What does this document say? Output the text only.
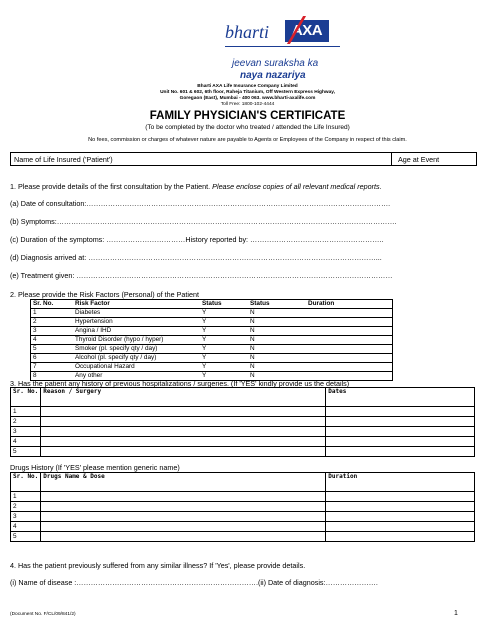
bharti	AXA
jeevan suraksha ka
naya nazariya
Bharti AXA Life Insurance Company Limited
Unit No. 601 & 602, 6th floor, Raheja Titanium, Off Western Express Highway,
Goregaon (East), Mumbai - 400 063. www.bharti-axalife.com
Toll Free: 1800-102-4444
FAMILY PHYSICIAN'S CERTIFICATE
(To be completed by the doctor who treated / attended the Life Insured)
No fees, commission or charges of whatever nature are payable to Agents or Employees of the Company in respect of this claim.
Name of Life Insured ('Patient')	Age at Event
1. Please provide details of the first consultation by the Patient. Please enclose copies of all relevant medical reports.
(a) Date of consultation:……………………………………………………………………………………………………………….
(b) Symptoms:…………………………………………………………………………………………………………………………….
(c) Duration of the symptoms: ……………………………History reported by: ………………………………………………..
(d) Diagnosis arrived at: …………………………………………………………………………………………………………...
(e) Treatment given: ……………………………………………………………………………………………………………………
2. Please provide the Risk Factors (Personal) of the Patient
Sr. No.	Risk Factor	Status	Status	Duration
1	Diabetes	Y	N	
2	Hypertension	Y	N	
3	Angina / IHD	Y	N	
4	Thyroid Disorder (hypo / hyper)	Y	N	
5	Smoker (pl. specify qty / day)	Y	N	
6	Alcohol (pl. specify qty / day)	Y	N	
7	Occupational Hazard	Y	N	
8	Any other	Y	N	
3. Has the patient any history of previous hospitalizations / surgeries. (If 'YES' kindly provide us the details)
Sr. No.	Reason / Surgery	Dates
1		
2		
3		
4		
5		
Drugs History (If 'YES' please mention generic name)
Sr. No.	Drugs Name & Dose	Duration
1		
2		
3		
4		
5		
4. Has the patient previously suffered from any similar illness? If 'Yes', please provide details.
(i) Name of disease :………………………………………………………………….(ii) Date of diagnosis:………………….
(Document No. F/CL/09/841/2)	1
